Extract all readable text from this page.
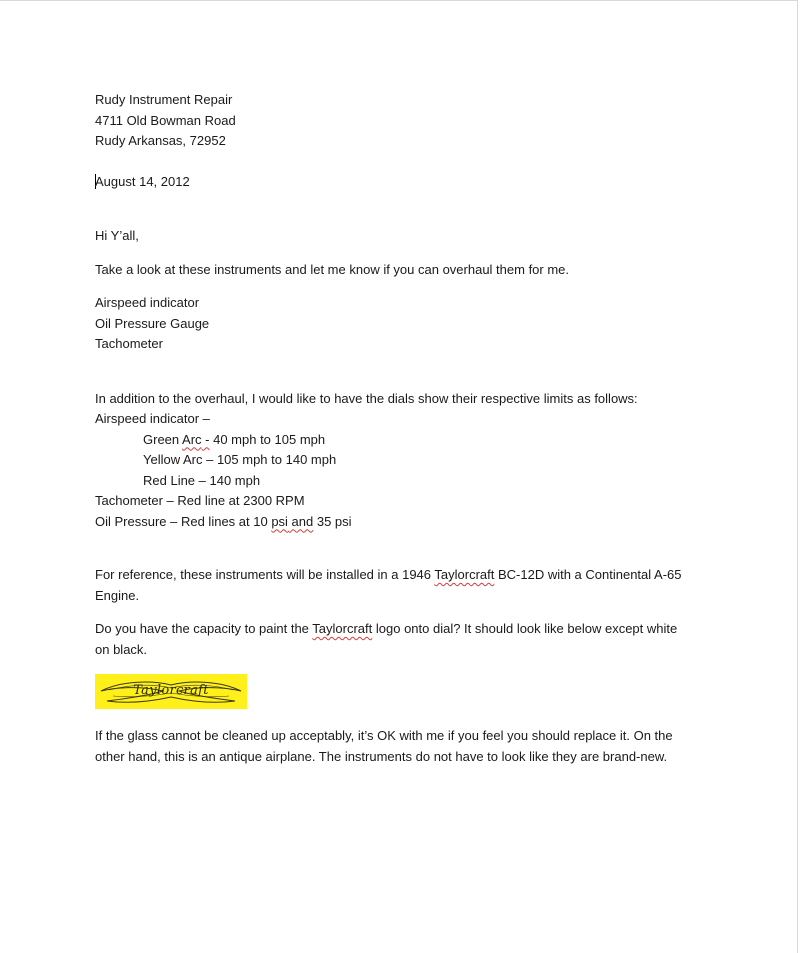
Rudy Instrument Repair
4711 Old Bowman Road
Rudy Arkansas, 72952
August 14, 2012
Hi Y’all,
Take a look at these instruments and let me know if you can overhaul them for me.
Airspeed indicator
Oil Pressure Gauge
Tachometer
In addition to the overhaul, I would like to have the dials show their respective limits as follows:
Airspeed indicator –
Green Arc - 40 mph to 105 mph
Yellow Arc – 105 mph to 140 mph
Red Line – 140 mph
Tachometer – Red line at 2300 RPM
Oil Pressure – Red lines at 10 psi and 35 psi
For reference, these instruments will be installed in a 1946 Taylorcraft BC-12D with a Continental A-65
Engine.
Do you have the capacity to paint the Taylorcraft logo onto dial? It should look like below except white
on black.
Taylorcraft
If the glass cannot be cleaned up acceptably, it’s OK with me if you feel you should replace it. On the
other hand, this is an antique airplane. The instruments do not have to look like they are brand-new.
